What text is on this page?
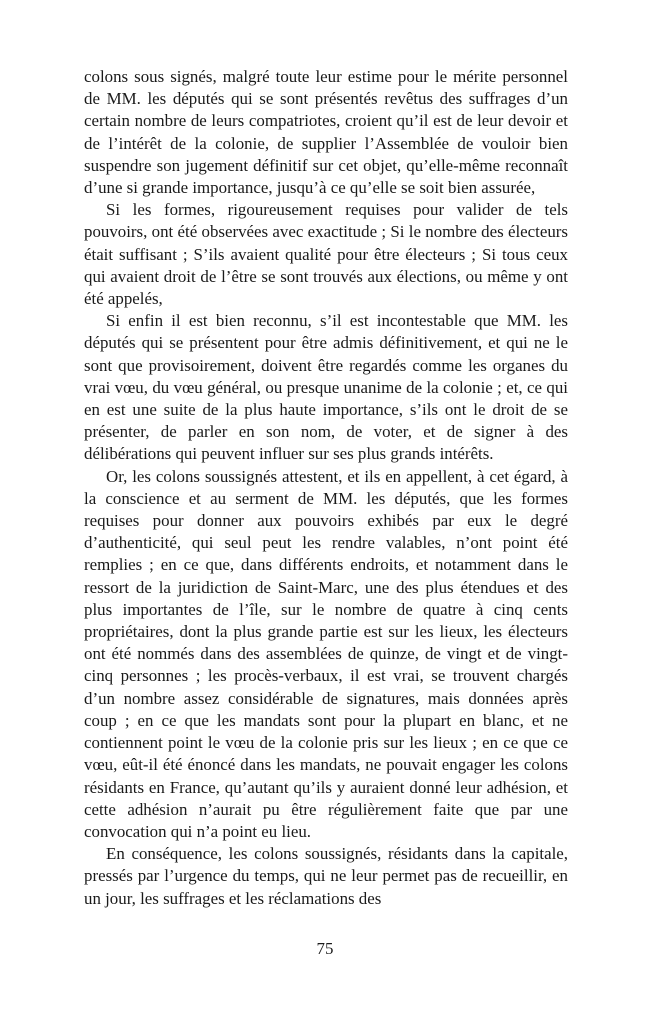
colons sous signés, malgré toute leur estime pour le mérite personnel de MM. les députés qui se sont présentés revêtus des suffrages d’un certain nombre de leurs compatriotes, croient qu’il est de leur devoir et de l’intérêt de la colonie, de supplier l’Assemblée de vouloir bien suspendre son jugement définitif sur cet objet, qu’elle-même reconnaît d’une si grande importance, jusqu’à ce qu’elle se soit bien assurée,

Si les formes, rigoureusement requises pour valider de tels pouvoirs, ont été observées avec exactitude ; Si le nombre des électeurs était suffisant ; S’ils avaient qualité pour être électeurs ; Si tous ceux qui avaient droit de l’être se sont trouvés aux élections, ou même y ont été appelés,

Si enfin il est bien reconnu, s’il est incontestable que MM. les députés qui se présentent pour être admis définitivement, et qui ne le sont que provisoirement, doivent être regardés comme les organes du vrai vœu, du vœu général, ou presque unanime de la colonie ; et, ce qui en est une suite de la plus haute importance, s’ils ont le droit de se présenter, de parler en son nom, de voter, et de signer à des délibérations qui peuvent influer sur ses plus grands intérêts.

Or, les colons soussignés attestent, et ils en appellent, à cet égard, à la conscience et au serment de MM. les députés, que les formes requises pour donner aux pouvoirs exhibés par eux le degré d’authenticité, qui seul peut les rendre valables, n’ont point été remplies ; en ce que, dans différents endroits, et notamment dans le ressort de la juridiction de Saint-Marc, une des plus étendues et des plus importantes de l’île, sur le nombre de quatre à cinq cents propriétaires, dont la plus grande partie est sur les lieux, les électeurs ont été nommés dans des assemblées de quinze, de vingt et de vingt-cinq personnes ; les procès-verbaux, il est vrai, se trouvent chargés d’un nombre assez considérable de signatures, mais données après coup ; en ce que les mandats sont pour la plupart en blanc, et ne contiennent point le vœu de la colonie pris sur les lieux ; en ce que ce vœu, eût-il été énoncé dans les mandats, ne pouvait engager les colons résidants en France, qu’autant qu’ils y auraient donné leur adhésion, et cette adhésion n’aurait pu être régulièrement faite que par une convocation qui n’a point eu lieu.

En conséquence, les colons soussignés, résidants dans la capitale, pressés par l’urgence du temps, qui ne leur permet pas de recueillir, en un jour, les suffrages et les réclamations des

75
